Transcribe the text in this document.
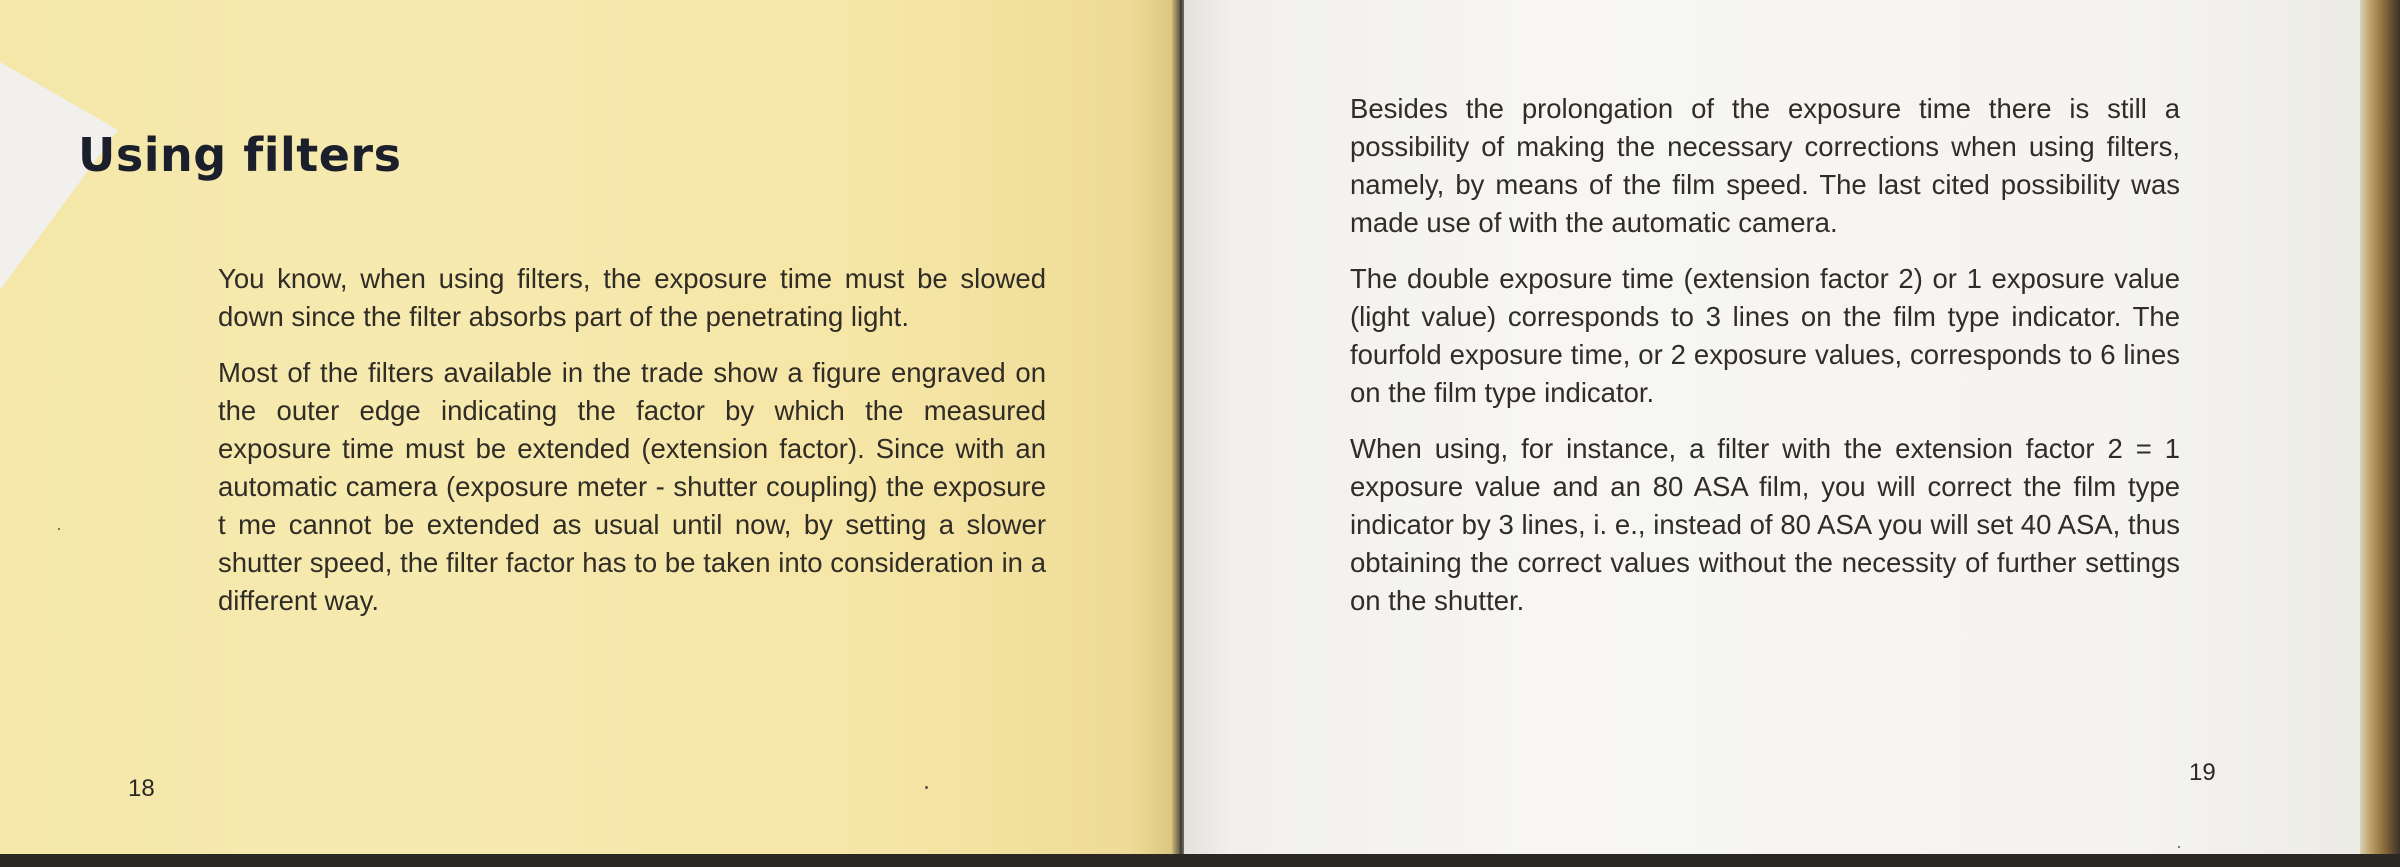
Using filters

You know, when using filters, the exposure time must be slowed down since the filter absorbs part of the penetrating light.

Most of the filters available in the trade show a figure engraved on the outer edge indicating the factor by which the measured exposure time must be extended (extension factor). Since with an automatic camera (exposure meter - shutter coupling) the exposure t me cannot be extended as usual until now, by setting a slower shutter speed, the filter factor has to be taken into consideration in a different way.

18

Besides the prolongation of the exposure time there is still a possibility of making the necessary corrections when using filters, namely, by means of the film speed. The last cited possibility was made use of with the automatic camera.

The double exposure time (extension factor 2) or 1 exposure value (light value) corresponds to 3 lines on the film type indicator. The fourfold exposure time, or 2 exposure values, corresponds to 6 lines on the film type indicator.

When using, for instance, a filter with the extension factor 2 = 1 exposure value and an 80 ASA film, you will correct the film type indicator by 3 lines, i. e., instead of 80 ASA you will set 40 ASA, thus obtaining the correct values without the necessity of further settings on the shutter.

19
